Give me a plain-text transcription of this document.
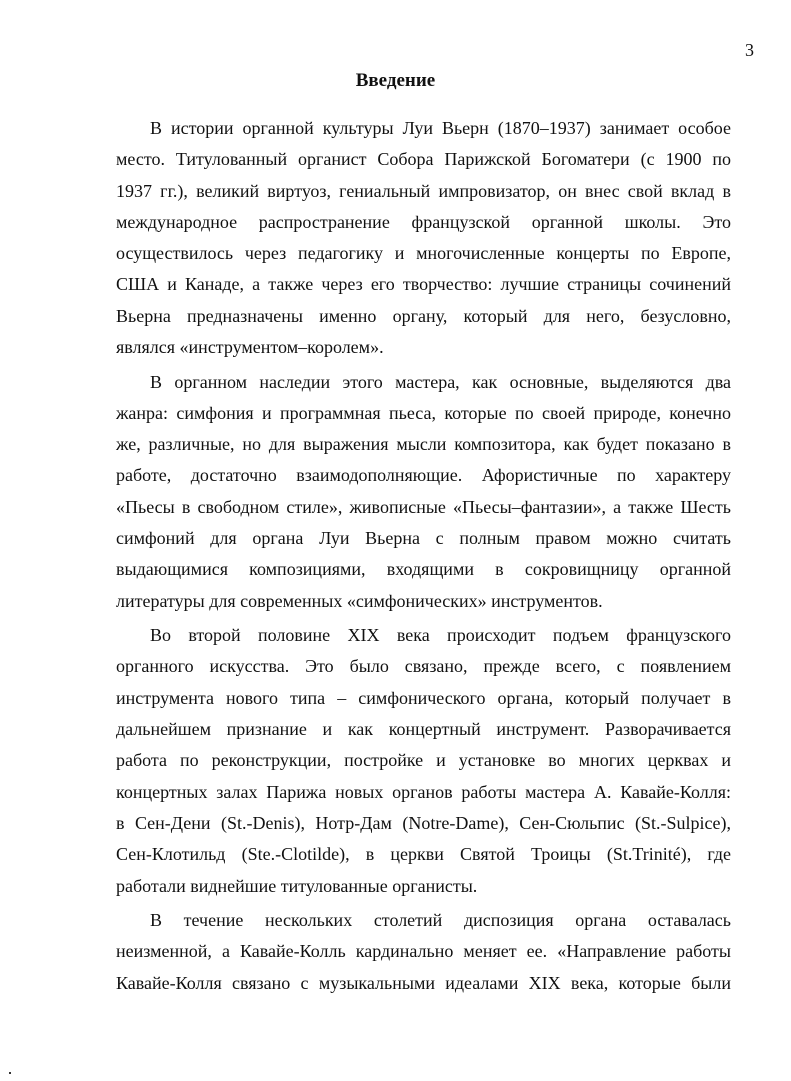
3
Введение
В истории органной культуры Луи Вьерн (1870–1937) занимает особое
место. Титулованный органист Собора Парижской Богоматери (с 1900 по
1937 гг.), великий виртуоз, гениальный импровизатор, он внес свой вклад в
международное распространение французской органной школы. Это
осуществилось через педагогику и многочисленные концерты по Европе,
США и Канаде, а также через его творчество: лучшие страницы сочинений
Вьерна предназначены именно органу, который для него, безусловно,
являлся «инструментом–королем».
В органном наследии этого мастера, как основные, выделяются два
жанра: симфония и программная пьеса, которые по своей природе, конечно
же, различные, но для выражения мысли композитора, как будет показано в
работе, достаточно взаимодополняющие. Афористичные по характеру
«Пьесы в свободном стиле», живописные «Пьесы–фантазии», а также Шесть
симфоний для органа Луи Вьерна с полным правом можно считать
выдающимися композициями, входящими в сокровищницу органной
литературы для современных «симфонических» инструментов.
Во второй половине XIX века происходит подъем французского
органного искусства. Это было связано, прежде всего, с появлением
инструмента нового типа – симфонического органа, который получает в
дальнейшем признание и как концертный инструмент. Разворачивается
работа по реконструкции, постройке и установке во многих церквах и
концертных залах Парижа новых органов работы мастера А. Кавайе-Колля:
в Сен-Дени (St.-Denis), Нотр-Дам (Notre-Dame), Сен-Сюльпис (St.-Sulpice),
Сен-Клотильд (Ste.-Clotilde), в церкви Святой Троицы (St.Trinité), где
работали виднейшие титулованные органисты.
В течение нескольких столетий диспозиция органа оставалась
неизменной, а Кавайе-Колль кардинально меняет ее. «Направление работы
Кавайе-Колля связано с музыкальными идеалами XIX века, которые были
